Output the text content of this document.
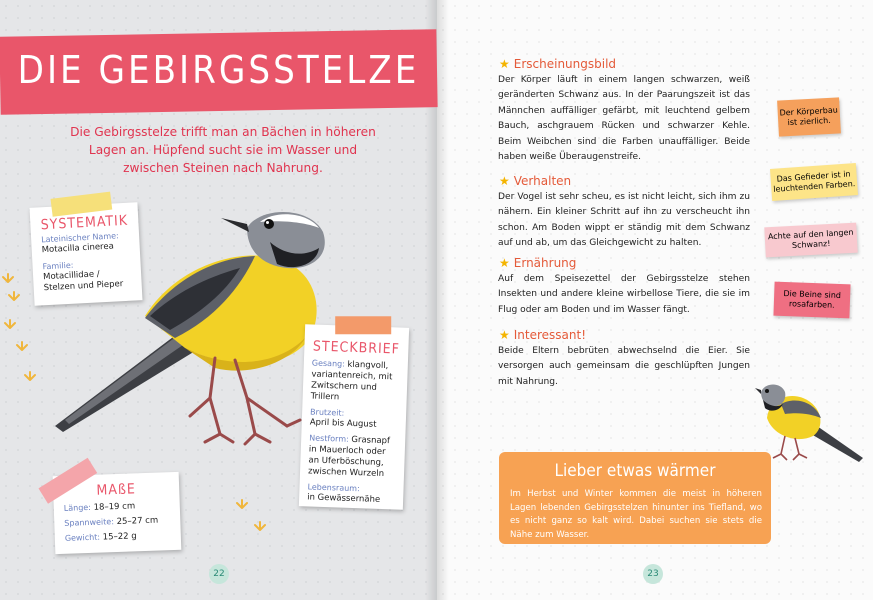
DIE GEBIRGSSTELZE
Die Gebirgsstelze trifft man an Bächen in höheren Lagen an. Hüpfend sucht sie im Wasser und zwischen Steinen nach Nahrung.
SYSTEMATIK
Lateinischer Name:
Motacilla cinerea
Familie:
Motacillidae / Stelzen und Pieper
STECKBRIEF
Gesang: klangvoll, variantenreich, mit Zwitschern und Trillern
Brutzeit:
April bis August
Nestform: Grasnapf in Mauerloch oder an Uferböschung, zwischen Wurzeln
Lebensraum:
in Gewässernähe
MAßE
Länge: 18–19 cm
Spannweite: 25–27 cm
Gewicht: 15–22 g
22
★ Erscheinungsbild
Der Körper läuft in einem langen schwarzen, weiß geränderten Schwanz aus. In der Paarungszeit ist das Männchen auffälliger gefärbt, mit leuchtend gelbem Bauch, aschgrauem Rücken und schwarzer Kehle. Beim Weibchen sind die Farben unauffälliger. Beide haben weiße Überaugenstreife.
★ Verhalten
Der Vogel ist sehr scheu, es ist nicht leicht, sich ihm zu nähern. Ein kleiner Schritt auf ihn zu verscheucht ihn schon. Am Boden wippt er ständig mit dem Schwanz auf und ab, um das Gleichgewicht zu halten.
★ Ernährung
Auf dem Speisezettel der Gebirgsstelze stehen Insekten und andere kleine wirbellose Tiere, die sie im Flug oder am Boden und im Wasser fängt.
★ Interessant!
Beide Eltern bebrüten abwechselnd die Eier. Sie versorgen auch gemeinsam die geschlüpften Jungen mit Nahrung.
Der Körperbau ist zierlich.
Das Gefieder ist in leuchtenden Farben.
Achte auf den langen Schwanz!
Die Beine sind rosafarben.
Lieber etwas wärmer
Im Herbst und Winter kommen die meist in höheren Lagen lebenden Gebirgsstelzen hinunter ins Tiefland, wo es nicht ganz so kalt wird. Dabei suchen sie stets die Nähe zum Wasser.
23
